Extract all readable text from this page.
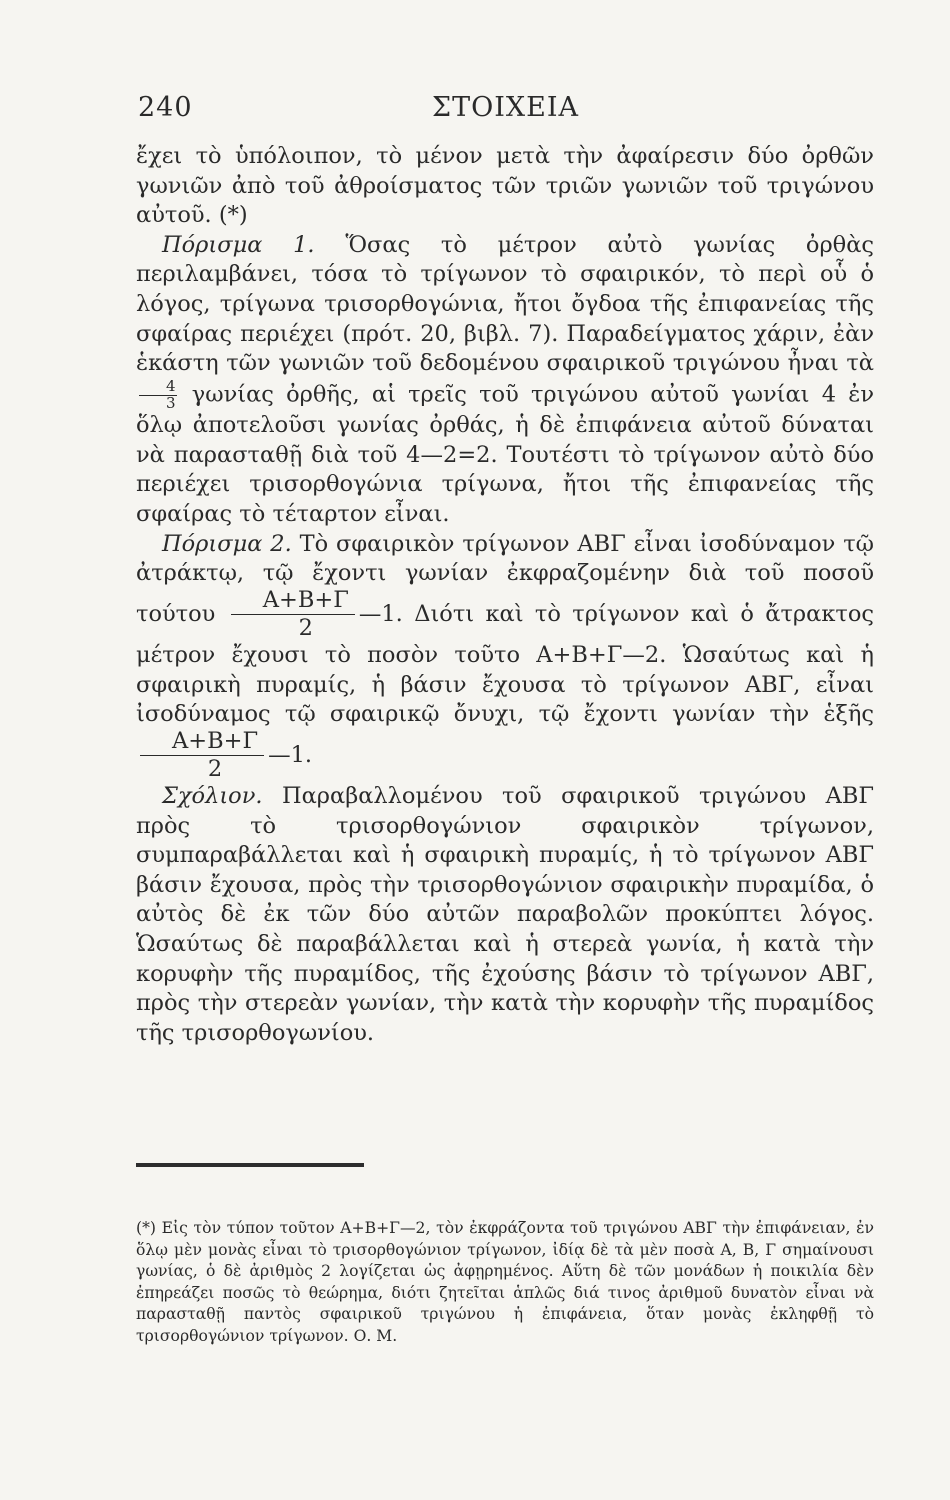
240	ΣΤΟΙΧΕΙΑ

ἔχει τὸ ὑπόλοιπον, τὸ μένον μετὰ τὴν ἀφαίρεσιν δύο ὀρθῶν γωνιῶν ἀπὸ τοῦ ἀθροίσματος τῶν τριῶν γωνιῶν τοῦ τριγώνου αὐτοῦ. (*)

Πόρισμα 1. Ὅσας τὸ μέτρον αὐτὸ γωνίας ὀρθὰς περιλαμβάνει, τόσα τὸ τρίγωνον τὸ σφαιρικόν, τὸ περὶ οὗ ὁ λόγος, τρίγωνα τρισορθογώνια, ἤτοι ὄγδοα τῆς ἐπιφανείας τῆς σφαίρας περιέχει (πρότ. 20, βιβλ. 7). Παραδείγματος χάριν, ἐὰν ἑκάστη τῶν γωνιῶν τοῦ δεδομένου σφαιρικοῦ τριγώνου ἦναι τὰ
$\frac{4}{3}$ γωνίας ὀρθῆς, αἱ τρεῖς τοῦ τριγώνου αὐτοῦ γωνίαι 4 ἐν ὅλῳ ἀποτελοῦσι γωνίας ὀρθάς, ἡ δὲ ἐπιφάνεια αὐτοῦ δύναται νὰ παρασταθῇ διὰ τοῦ 4—2=2. Τουτέστι τὸ τρίγωνον αὐτὸ δύο περιέχει τρισορθογώνια τρίγωνα, ἤτοι τῆς ἐπιφανείας τῆς σφαίρας τὸ τέταρτον εἶναι.

Πόρισμα 2. Τὸ σφαιρικὸν τρίγωνον ΑΒΓ εἶναι ἰσοδύναμον τῷ ἀτράκτῳ, τῷ ἔχοντι γωνίαν ἐκφραζομένην διὰ τοῦ ποσοῦ τούτου $\frac{A+B+\Gamma}{2}$ —1. Διότι καὶ τὸ τρίγωνον καὶ ὁ ἄτρακτος μέτρον ἔχουσι τὸ ποσὸν τοῦτο Α+Β+Γ—2. Ὡσαύτως καὶ ἡ σφαιρικὴ πυραμίς, ἡ βάσιν ἔχουσα τὸ τρίγωνον ΑΒΓ, εἶναι ἰσοδύναμος τῷ σφαιρικῷ ὄνυχι, τῷ ἔχοντι γωνίαν τὴν ἑξῆς
$\frac{A+B+\Gamma}{2}$ —1.

Σχόλιον. Παραβαλλομένου τοῦ σφαιρικοῦ τριγώνου ΑΒΓ πρὸς τὸ τρισορθογώνιον σφαιρικὸν τρίγωνον, συμπαραβάλλεται καὶ ἡ σφαιρικὴ πυραμίς, ἡ τὸ τρίγωνον ΑΒΓ βάσιν ἔχουσα, πρὸς τὴν τρισορθογώνιον σφαιρικὴν πυραμίδα, ὁ αὐτὸς δὲ ἐκ τῶν δύο αὐτῶν παραβολῶν προκύπτει λόγος. Ὡσαύτως δὲ παραβάλλεται καὶ ἡ στερεὰ γωνία, ἡ κατὰ τὴν κορυφὴν τῆς πυραμίδος, τῆς ἐχούσης βάσιν τὸ τρίγωνον ΑΒΓ, πρὸς τὴν στερεὰν γωνίαν, τὴν κατὰ τὴν κορυφὴν τῆς πυραμίδος τῆς τρισορθογωνίου.

(*) Εἰς τὸν τύπον τοῦτον Α+Β+Γ—2, τὸν ἐκφράζοντα τοῦ τριγώνου ΑΒΓ τὴν ἐπιφάνειαν, ἐν ὅλῳ μὲν μονὰς εἶναι τὸ τρισορθογώνιον τρίγωνον, ἰδίᾳ δὲ τὰ μὲν ποσὰ Α, Β, Γ σημαίνουσι γωνίας, ὁ δὲ ἀριθμὸς 2 λογίζεται ὡς ἀφῃρημένος. Αὕτη δὲ τῶν μονάδων ἡ ποικιλία δὲν ἐπηρεάζει ποσῶς τὸ θεώρημα, διότι ζητεῖται ἁπλῶς διά τινος ἀριθμοῦ δυνατὸν εἶναι νὰ παρασταθῇ παντὸς σφαιρικοῦ τριγώνου ἡ ἐπιφάνεια, ὅταν μονὰς ἐκληφθῇ τὸ τρισορθογώνιον τρίγωνον. Ο. Μ.
